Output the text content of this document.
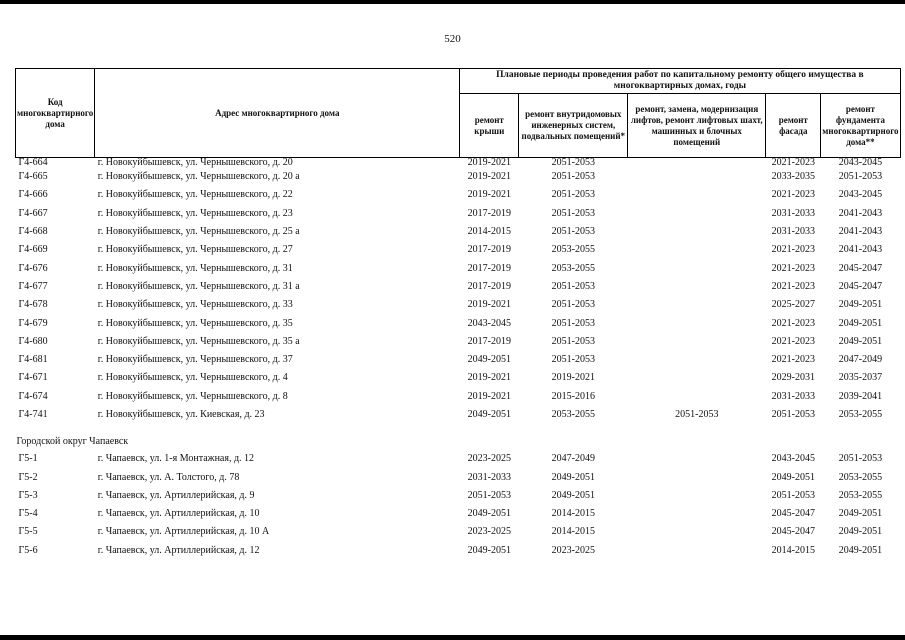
520
Код многоквартирного дома	Адрес многоквартирного дома	Плановые периоды проведения работ по капитальному ремонту общего имущества в многоквартирных домах, годы				
		ремонт крыши	ремонт внутридомовых инженерных систем, подвальных помещений*	ремонт, замена, модернизация лифтов, ремонт лифтовых шахт, машинных и блочных помещений	ремонт фасада	ремонт фундамента многоквартирного дома**
Г4-664	г. Новокуйбышевск, ул. Чернышевского, д. 20	2019-2021	2051-2053		2021-2023	2043-2045
Г4-665	г. Новокуйбышевск, ул. Чернышевского, д. 20 а	2019-2021	2051-2053		2033-2035	2051-2053
Г4-666	г. Новокуйбышевск, ул. Чернышевского, д. 22	2019-2021	2051-2053		2021-2023	2043-2045
Г4-667	г. Новокуйбышевск, ул. Чернышевского, д. 23	2017-2019	2051-2053		2031-2033	2041-2043
Г4-668	г. Новокуйбышевск, ул. Чернышевского, д. 25 а	2014-2015	2051-2053		2031-2033	2041-2043
Г4-669	г. Новокуйбышевск, ул. Чернышевского, д. 27	2017-2019	2053-2055		2021-2023	2041-2043
Г4-676	г. Новокуйбышевск, ул. Чернышевского, д. 31	2017-2019	2053-2055		2021-2023	2045-2047
Г4-677	г. Новокуйбышевск, ул. Чернышевского, д. 31 а	2017-2019	2051-2053		2021-2023	2045-2047
Г4-678	г. Новокуйбышевск, ул. Чернышевского, д. 33	2019-2021	2051-2053		2025-2027	2049-2051
Г4-679	г. Новокуйбышевск, ул. Чернышевского, д. 35	2043-2045	2051-2053		2021-2023	2049-2051
Г4-680	г. Новокуйбышевск, ул. Чернышевского, д. 35 а	2017-2019	2051-2053		2021-2023	2049-2051
Г4-681	г. Новокуйбышевск, ул. Чернышевского, д. 37	2049-2051	2051-2053		2021-2023	2047-2049
Г4-671	г. Новокуйбышевск, ул. Чернышевского, д. 4	2019-2021	2019-2021		2029-2031	2035-2037
Г4-674	г. Новокуйбышевск, ул. Чернышевского, д. 8	2019-2021	2015-2016		2031-2033	2039-2041
Г4-741	г. Новокуйбышевск, ул. Киевская, д. 23	2049-2051	2053-2055	2051-2053	2051-2053	2053-2055
Городской округ Чапаевск						
Г5-1	г. Чапаевск, ул. 1-я Монтажная, д. 12	2023-2025	2047-2049		2043-2045	2051-2053
Г5-2	г. Чапаевск, ул. А. Толстого, д. 78	2031-2033	2049-2051		2049-2051	2053-2055
Г5-3	г. Чапаевск, ул. Артиллерийская, д. 9	2051-2053	2049-2051		2051-2053	2053-2055
Г5-4	г. Чапаевск, ул. Артиллерийская, д. 10	2049-2051	2014-2015		2045-2047	2049-2051
Г5-5	г. Чапаевск, ул. Артиллерийская, д. 10 А	2023-2025	2014-2015		2045-2047	2049-2051
Г5-6	г. Чапаевск, ул. Артиллерийская, д. 12	2049-2051	2023-2025		2014-2015	2049-2051
